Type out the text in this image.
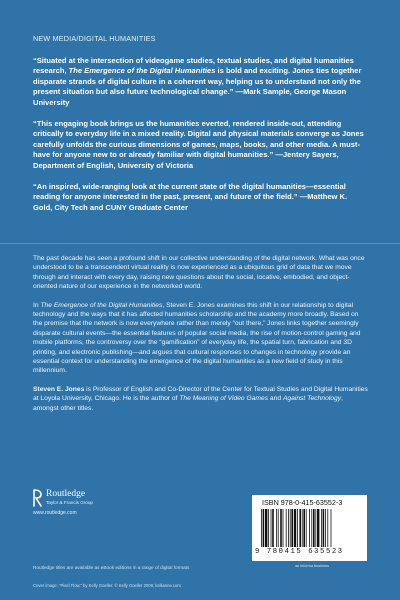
NEW MEDIA/DIGITAL HUMANITIES

“Situated at the intersection of videogame studies, textual studies, and digital humanities research, The Emergence of the Digital Humanities is bold and exciting. Jones ties together disparate strands of digital culture in a coherent way, helping us to understand not only the present situation but also future technological change.” —Mark Sample, George Mason University

“This engaging book brings us the humanities everted, rendered inside-out, attending critically to everyday life in a mixed reality. Digital and physical materials converge as Jones carefully unfolds the curious dimensions of games, maps, books, and other media. A must-have for anyone new to or already familiar with digital humanities.” —Jentery Sayers, Department of English, University of Victoria

“An inspired, wide-ranging look at the current state of the digital humanities—essential reading for anyone interested in the past, present, and future of the field.” —Matthew K. Gold, City Tech and CUNY Graduate Center

The past decade has seen a profound shift in our collective understanding of the digital network. What was once understood to be a transcendent virtual reality is now experienced as a ubiquitous grid of data that we move through and interact with every day, raising new questions about the social, locative, embodied, and object-oriented nature of our experience in the networked world.

In The Emergence of the Digital Humanities, Steven E. Jones examines this shift in our relationship to digital technology and the ways that it has affected humanities scholarship and the academy more broadly. Based on the premise that the network is now everywhere rather than merely “out there,” Jones links together seemingly disparate cultural events—the essential features of popular social media, the rise of motion-control gaming and mobile platforms, the controversy over the “gamification” of everyday life, the spatial turn, fabrication and 3D printing, and electronic publishing—and argues that cultural responses to changes in technology provide an essential context for understanding the emergence of the digital humanities as a new field of study in this millennium.

Steven E. Jones is Professor of English and Co-Director of the Center for Textual Studies and Digital Humanities at Loyola University, Chicago. He is the author of The Meaning of Video Games and Against Technology, amongst other titles.

Routledge
Taylor & Francis Group
www.routledge.com
ISBN 978-0-415-63552-3
9 780415 635523
an informa business
Routledge titles are available as eBook editions in a range of digital formats
Cover image: “Pixel Flow,” by Kelly Goeller. © Kelly Goeller 2008, kellianne.com
